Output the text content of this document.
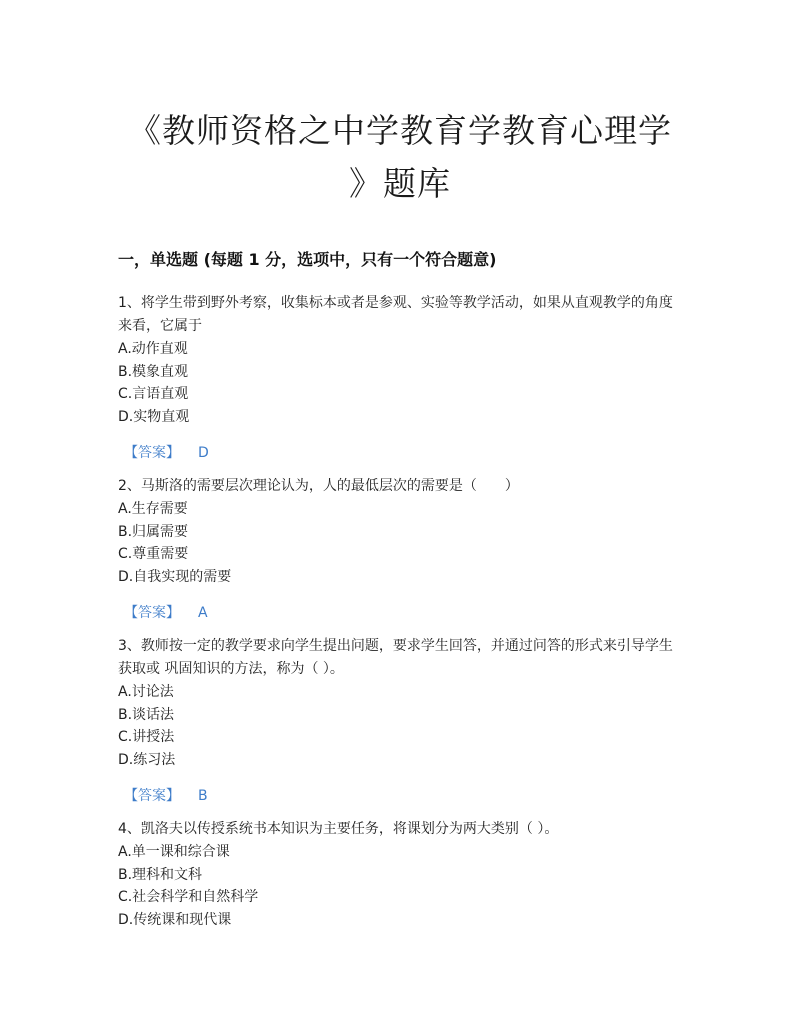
《教师资格之中学教育学教育心理学
》题库
一，单选题 (每题 1 分，选项中，只有一个符合题意)

1、将学生带到野外考察，收集标本或者是参观、实验等教学活动，如果从直观教学的角度来看，它属于

A.动作直观

B.模象直观

C.言语直观

D.实物直观

【答案】 D

2、马斯洛的需要层次理论认为，人的最低层次的需要是（　　）

A.生存需要

B.归属需要

C.尊重需要

D.自我实现的需要

【答案】 A

3、教师按一定的教学要求向学生提出问题，要求学生回答，并通过问答的形式来引导学生获取或 巩固知识的方法，称为（ ）。

A.讨论法

B.谈话法

C.讲授法

D.练习法

【答案】 B

4、凯洛夫以传授系统书本知识为主要任务，将课划分为两大类别（ ）。

A.单一课和综合课

B.理科和文科

C.社会科学和自然科学

D.传统课和现代课
